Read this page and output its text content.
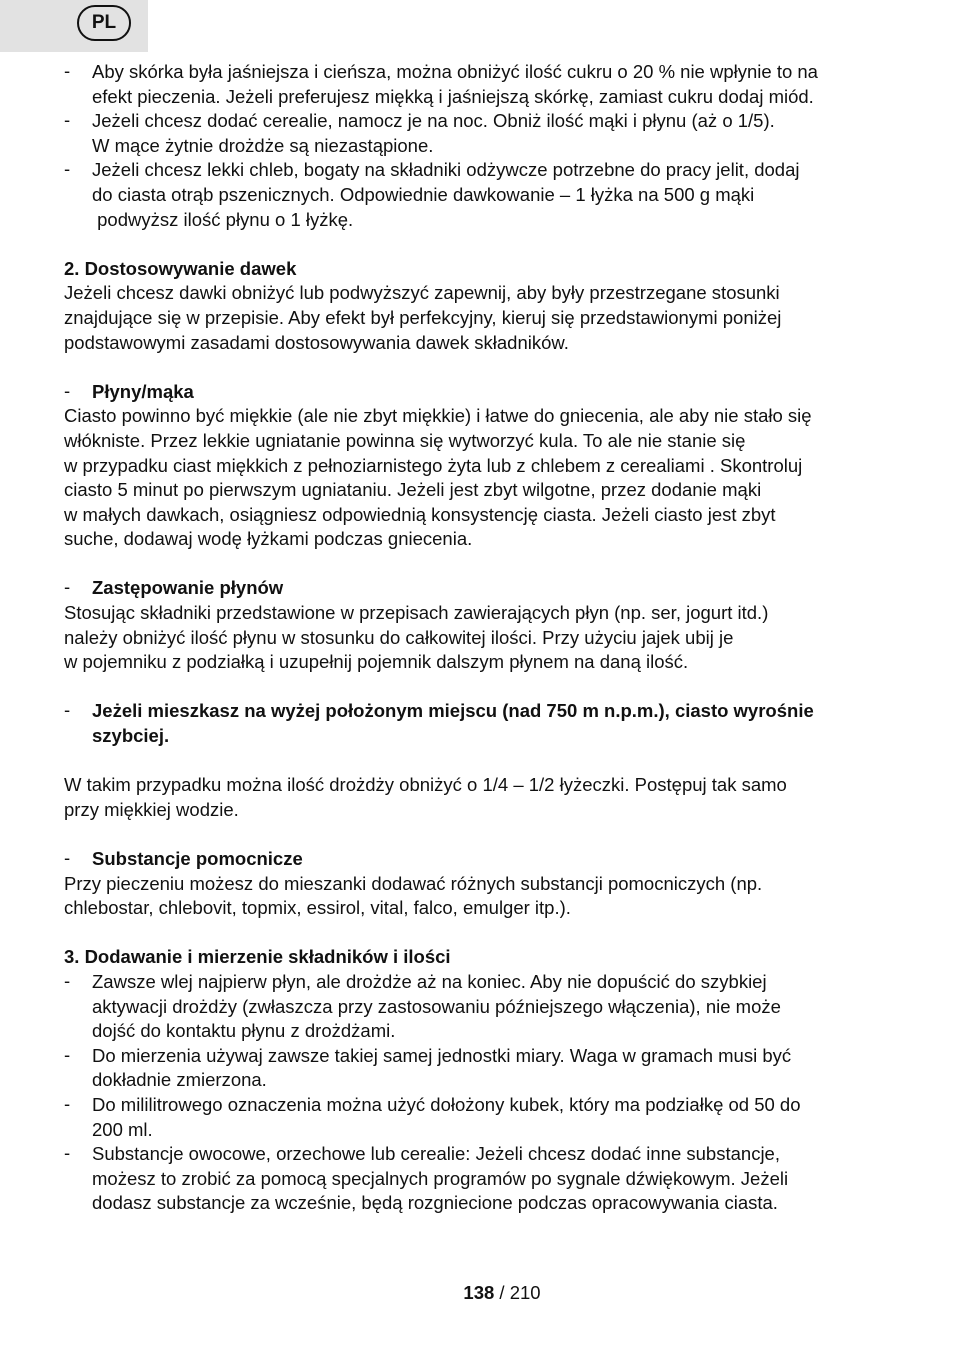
PL
-	Aby skórka była jaśniejsza i cieńsza, można obniżyć ilość cukru o 20 % nie wpłynie to na
efekt pieczenia. Jeżeli preferujesz miękką i jaśniejszą skórkę, zamiast cukru dodaj miód.
-	Jeżeli chcesz dodać cerealie, namocz je na noc. Obniż ilość mąki i płynu (aż o 1/5).
W mące żytnie drożdże są niezastąpione.
-	Jeżeli chcesz lekki chleb, bogaty na składniki odżywcze potrzebne do pracy jelit, dodaj
do ciasta otrąb pszenicznych. Odpowiednie dawkowanie – 1 łyżka na 500 g mąki
podwyższ ilość płynu o 1 łyżkę.
2. Dostosowywanie dawek
Jeżeli chcesz dawki obniżyć lub podwyższyć zapewnij, aby były przestrzegane stosunki
znajdujące się w przepisie. Aby efekt był perfekcyjny, kieruj się przedstawionymi poniżej
podstawowymi zasadami dostosowywania dawek składników.
-	Płyny/mąka
Ciasto powinno być miękkie (ale nie zbyt miękkie) i łatwe do gniecenia, ale aby nie stało się
włókniste. Przez lekkie ugniatanie powinna się wytworzyć kula. To ale nie stanie się
w przypadku ciast miękkich z pełnoziarnistego żyta lub z chlebem z cerealiami . Skontroluj
ciasto 5 minut po pierwszym ugniataniu. Jeżeli jest zbyt wilgotne, przez dodanie mąki
w małych dawkach, osiągniesz odpowiednią konsystencję ciasta. Jeżeli ciasto jest zbyt
suche, dodawaj wodę łyżkami podczas gniecenia.
-	Zastępowanie płynów
Stosując składniki przedstawione w przepisach zawierających płyn (np. ser, jogurt itd.)
należy obniżyć ilość płynu w stosunku do całkowitej ilości. Przy użyciu jajek ubij je
w pojemniku z podziałką i uzupełnij pojemnik dalszym płynem na daną ilość.
-	Jeżeli mieszkasz na wyżej położonym miejscu (nad 750 m n.p.m.), ciasto wyrośnie
szybciej.
W takim przypadku można ilość drożdży obniżyć o 1/4 – 1/2 łyżeczki. Postępuj tak samo
przy miękkiej wodzie.
-	Substancje pomocnicze
Przy pieczeniu możesz do mieszanki dodawać różnych substancji pomocniczych (np.
chlebostar, chlebovit, topmix, essirol, vital, falco, emulger itp.).
3. Dodawanie i mierzenie składników i ilości
-	Zawsze wlej najpierw płyn, ale drożdże aż na koniec. Aby nie dopuścić do szybkiej
aktywacji drożdży (zwłaszcza przy zastosowaniu późniejszego włączenia), nie może
dojść do kontaktu płynu z drożdżami.
-	Do mierzenia używaj zawsze takiej samej jednostki miary. Waga w gramach musi być
dokładnie zmierzona.
-	Do mililitrowego oznaczenia można użyć dołożony kubek, który ma podziałkę od 50 do
200 ml.
-	Substancje owocowe, orzechowe lub cerealie: Jeżeli chcesz dodać inne substancje,
możesz to zrobić za pomocą specjalnych programów po sygnale dźwiękowym. Jeżeli
dodasz substancje za wcześnie, będą rozgniecione podczas opracowywania ciasta.
138 / 210
